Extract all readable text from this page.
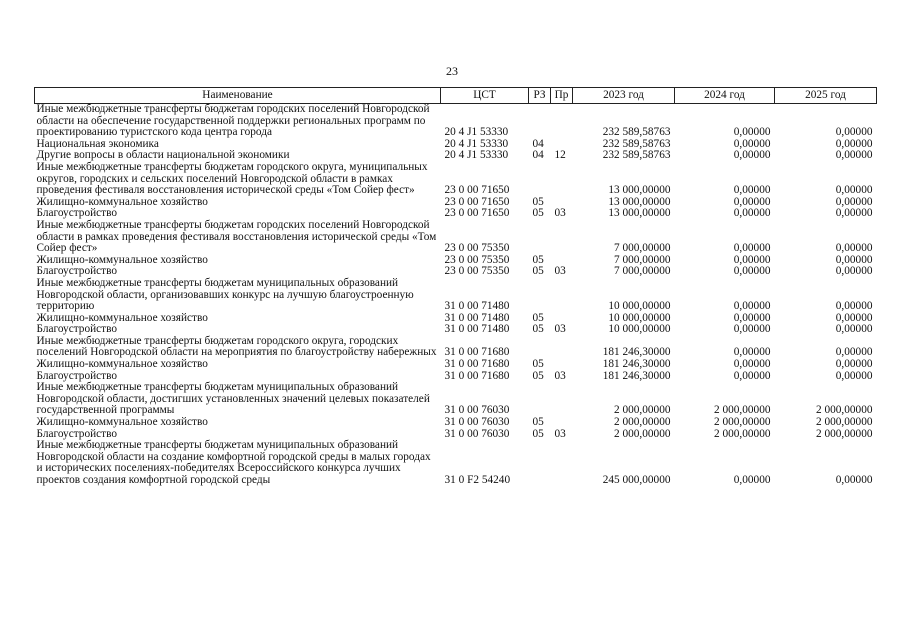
23
Наименование	ЦСТ	РЗ	Пр	2023 год	2024 год	2025 год
Иные межбюджетные трансферты бюджетам городских поселений Новгородской области на обеспечение государственной поддержки региональных программ по проектированию туристского кода центра города	20 4 J1 53330			232 589,58763	0,00000	0,00000
Национальная экономика	20 4 J1 53330	04		232 589,58763	0,00000	0,00000
Другие вопросы в области национальной экономики	20 4 J1 53330	04	12	232 589,58763	0,00000	0,00000
Иные межбюджетные трансферты бюджетам городского округа, муниципальных округов, городских и сельских поселений Новгородской области в рамках проведения фестиваля восстановления исторической среды «Том Сойер фест»	23 0 00 71650			13 000,00000	0,00000	0,00000
Жилищно-коммунальное хозяйство	23 0 00 71650	05		13 000,00000	0,00000	0,00000
Благоустройство	23 0 00 71650	05	03	13 000,00000	0,00000	0,00000
Иные межбюджетные трансферты бюджетам городских поселений Новгородской области в рамках проведения фестиваля восстановления исторической среды «Том Сойер фест»	23 0 00 75350			7 000,00000	0,00000	0,00000
Жилищно-коммунальное хозяйство	23 0 00 75350	05		7 000,00000	0,00000	0,00000
Благоустройство	23 0 00 75350	05	03	7 000,00000	0,00000	0,00000
Иные межбюджетные трансферты бюджетам муниципальных образований Новгородской области, организовавших конкурс на лучшую благоустроенную территорию	31 0 00 71480			10 000,00000	0,00000	0,00000
Жилищно-коммунальное хозяйство	31 0 00 71480	05		10 000,00000	0,00000	0,00000
Благоустройство	31 0 00 71480	05	03	10 000,00000	0,00000	0,00000
Иные межбюджетные трансферты бюджетам городского округа, городских поселений Новгородской области на мероприятия по благоустройству набережных	31 0 00 71680			181 246,30000	0,00000	0,00000
Жилищно-коммунальное хозяйство	31 0 00 71680	05		181 246,30000	0,00000	0,00000
Благоустройство	31 0 00 71680	05	03	181 246,30000	0,00000	0,00000
Иные межбюджетные трансферты бюджетам муниципальных образований Новгородской области, достигших установленных значений целевых показателей государственной программы	31 0 00 76030			2 000,00000	2 000,00000	2 000,00000
Жилищно-коммунальное хозяйство	31 0 00 76030	05		2 000,00000	2 000,00000	2 000,00000
Благоустройство	31 0 00 76030	05	03	2 000,00000	2 000,00000	2 000,00000
Иные межбюджетные трансферты бюджетам муниципальных образований Новгородской области на создание комфортной городской среды в малых городах и исторических поселениях-победителях Всероссийского конкурса лучших проектов создания комфортной городской среды	31 0 F2 54240			245 000,00000	0,00000	0,00000
